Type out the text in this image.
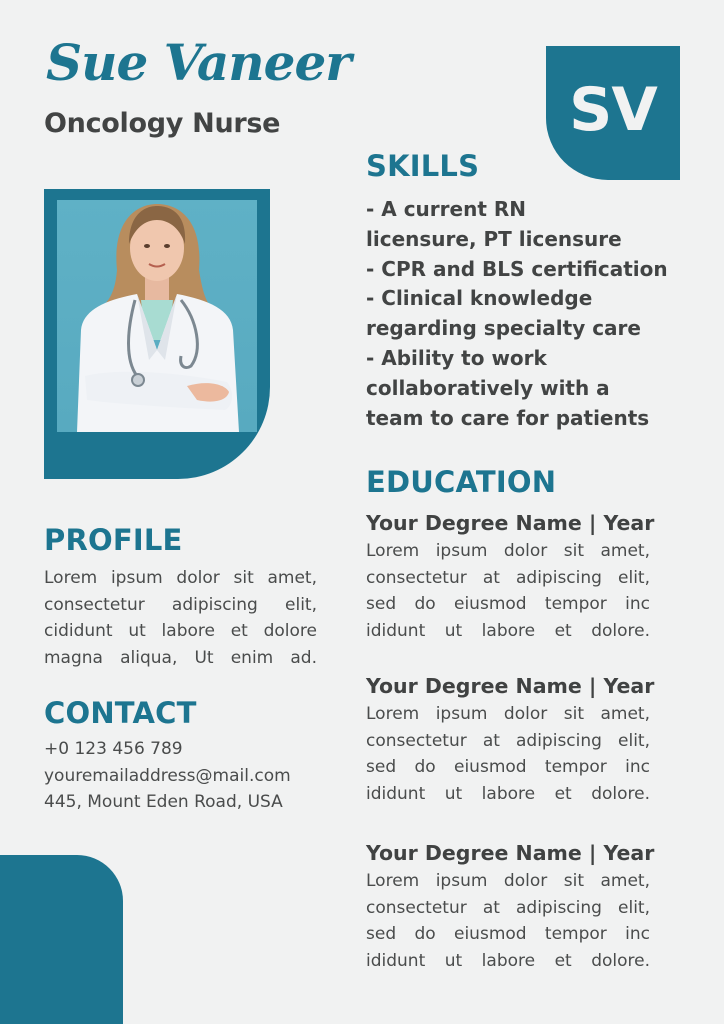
Sue Vaneer
Oncology Nurse	SV
SKILLS
- A current RN
licensure, PT licensure
- CPR and BLS certification
- Clinical knowledge
regarding specialty care
- Ability to work
collaboratively with a
team to care for patients
PROFILE
Lorem ipsum dolor sit amet,
consectetur adipiscing elit,
cididunt ut labore et dolore
magna aliqua, Ut enim ad.
CONTACT
+0 123 456 789
youremailaddress@mail.com
445, Mount Eden Road, USA
EDUCATION
Your Degree Name | Year
Lorem ipsum dolor sit amet,
consectetur at adipiscing elit,
sed do eiusmod tempor inc
ididunt ut labore et dolore.
Your Degree Name | Year
Lorem ipsum dolor sit amet,
consectetur at adipiscing elit,
sed do eiusmod tempor inc
ididunt ut labore et dolore.
Your Degree Name | Year
Lorem ipsum dolor sit amet,
consectetur at adipiscing elit,
sed do eiusmod tempor inc
ididunt ut labore et dolore.
